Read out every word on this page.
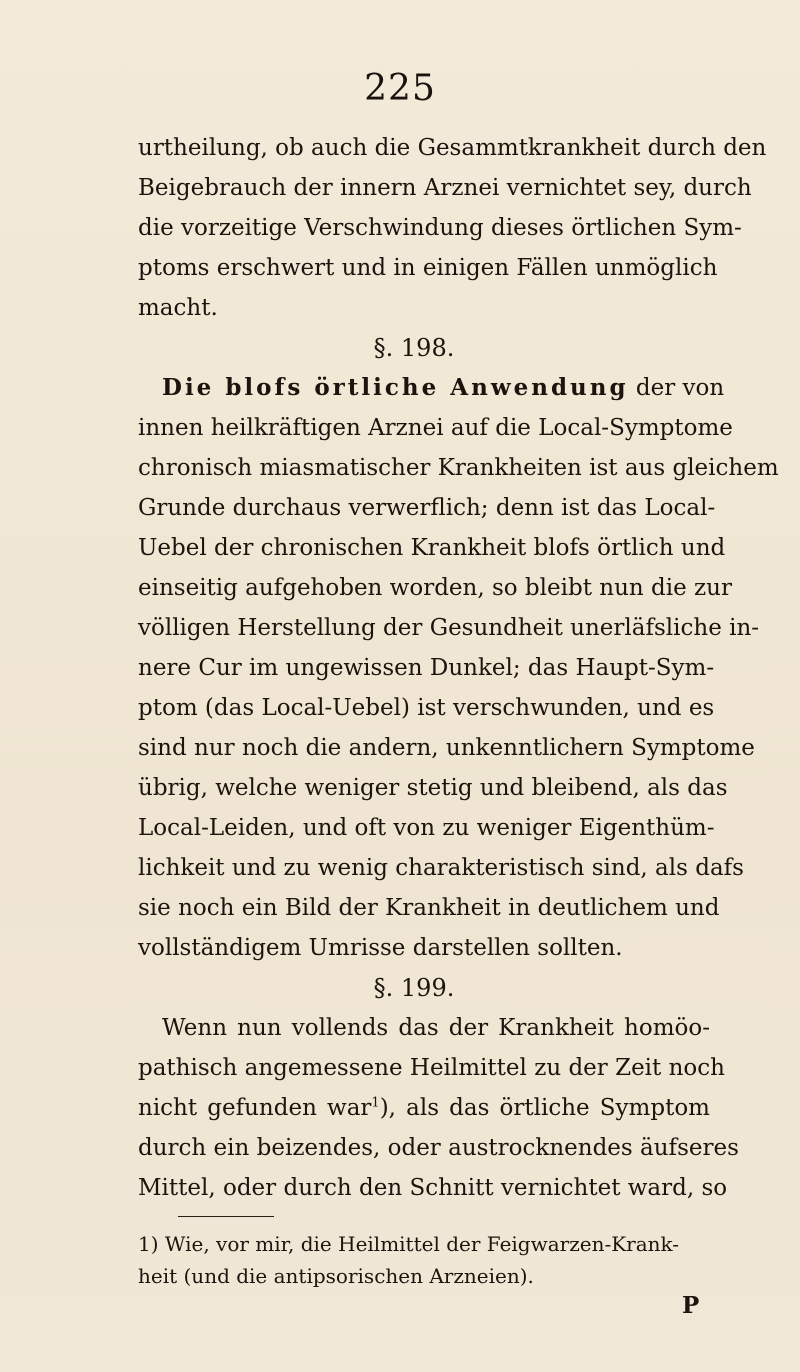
225
urtheilung, ob auch die Gesammtkrankheit durch den
Beigebrauch der innern Arznei vernichtet sey, durch
die vorzeitige Verschwindung dieses örtlichen Sym-
ptoms erschwert und in einigen Fällen unmöglich
macht.
§. 198.
Die blofs örtliche Anwendung der von
innen heilkräftigen Arznei auf die Local-Symptome
chronisch miasmatischer Krankheiten ist aus gleichem
Grunde durchaus verwerflich; denn ist das Local-
Uebel der chronischen Krankheit blofs örtlich und
einseitig aufgehoben worden, so bleibt nun die zur
völligen Herstellung der Gesundheit unerläfsliche in-
nere Cur im ungewissen Dunkel; das Haupt-Sym-
ptom (das Local-Uebel) ist verschwunden, und es
sind nur noch die andern, unkenntlichern Symptome
übrig, welche weniger stetig und bleibend, als das
Local-Leiden, und oft von zu weniger Eigenthüm-
lichkeit und zu wenig charakteristisch sind, als dafs
sie noch ein Bild der Krankheit in deutlichem und
vollständigem Umrisse darstellen sollten.
§. 199.
Wenn nun vollends das der Krankheit homöo-
pathisch angemessene Heilmittel zu der Zeit noch
nicht gefunden war$^1$), als das örtliche Symptom
durch ein beizendes, oder austrocknendes äufseres
Mittel, oder durch den Schnitt vernichtet ward, so
1) Wie, vor mir, die Heilmittel der Feigwarzen-Krank-
heit (und die antipsorischen Arzneien).
P
